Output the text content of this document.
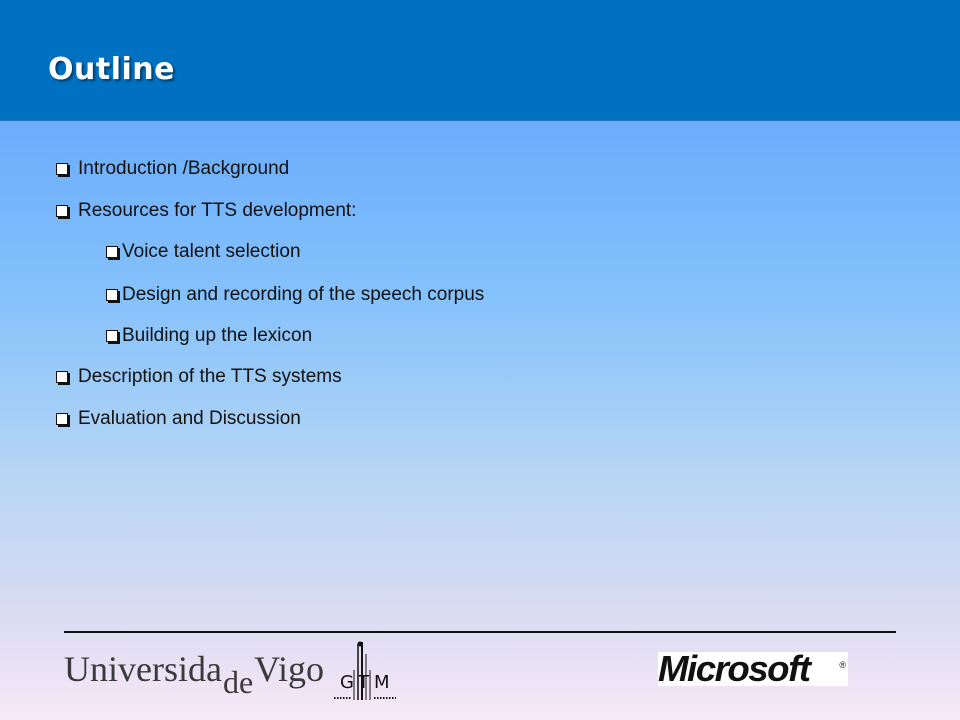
Outline
Introduction /Background
Resources for TTS development:
Voice talent selection
Design and recording of the speech corpus
Building up the lexicon
Description of the TTS systems
Evaluation and Discussion
UniversidadeVigo G T M	Microsoft	®
